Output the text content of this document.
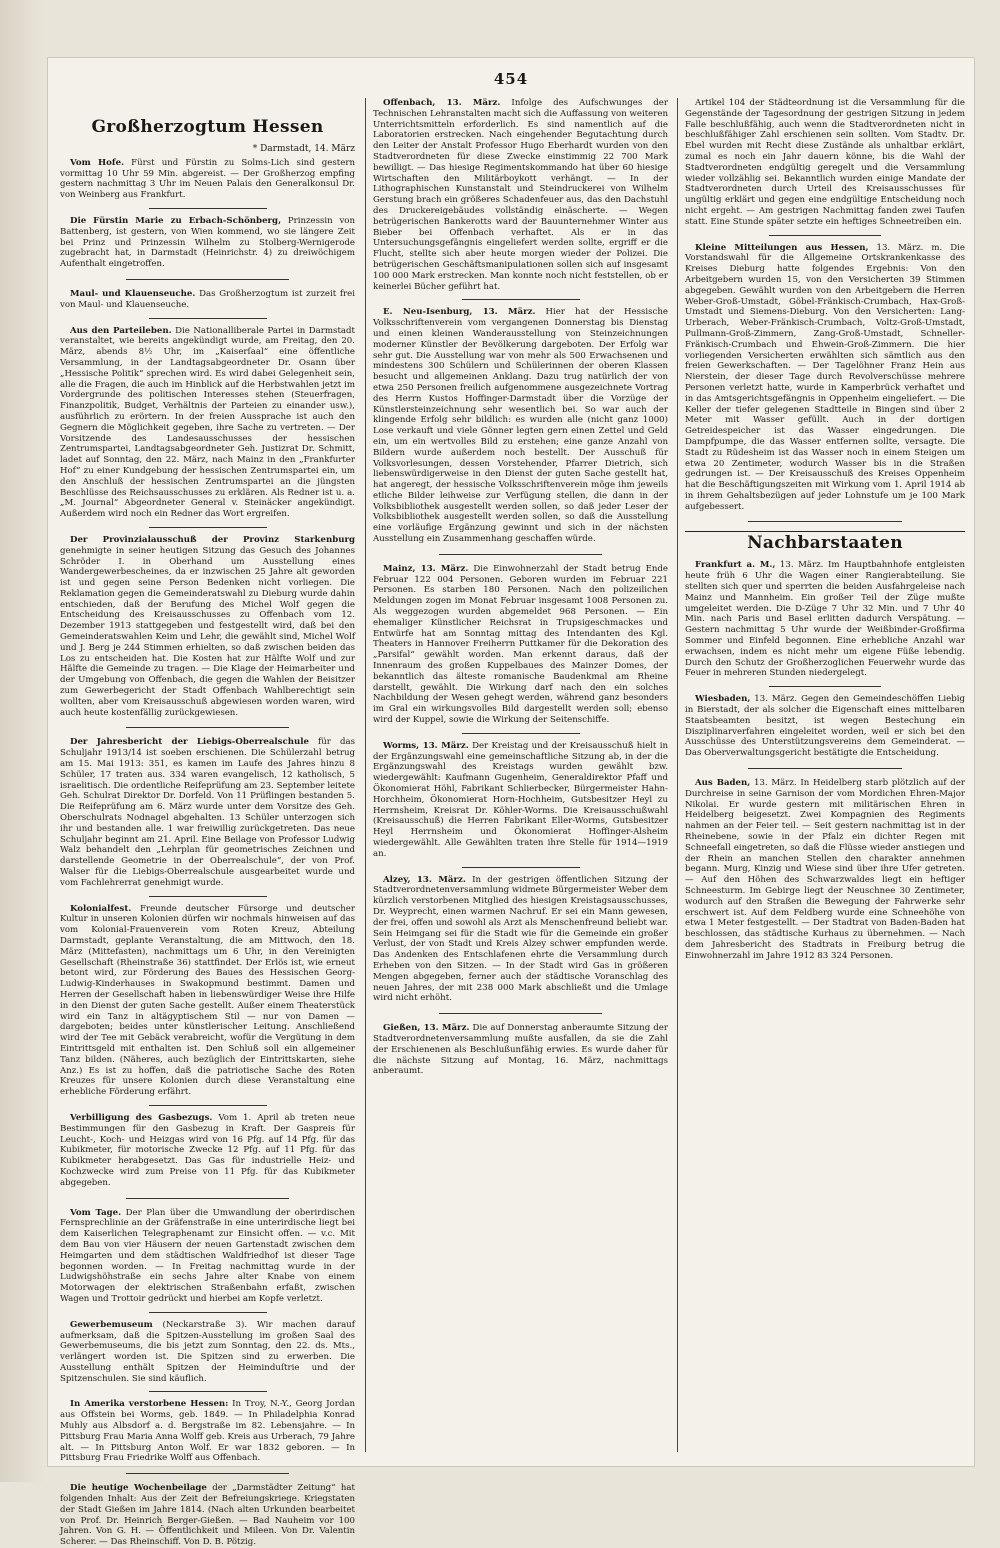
454
Großherzogtum Hessen
* Darmstadt, 14. März

Vom Hofe. Fürst und Fürstin zu Solms-Lich sind gestern vormittag 10 Uhr 59 Min. abgereist. — Der Großherzog empfing gestern nachmittag 3 Uhr im Neuen Palais den Generalkonsul Dr. von Weinberg aus Frankfurt.

Die Fürstin Marie zu Erbach-Schönberg, Prinzessin von Battenberg, ist gestern, von Wien kommend, wo sie längere Zeit bei Prinz und Prinzessin Wilhelm zu Stolberg-Wernigerode zugebracht hat, in Darmstadt (Heinrichstr. 4) zu dreiwöchigem Aufenthalt eingetroffen.

Maul- und Klauenseuche. Das Großherzogtum ist zurzeit frei von Maul- und Klauenseuche.

Aus den Parteileben. Die Nationalliberale Partei in Darmstadt veranstaltet, wie bereits angekündigt wurde, am Freitag, den 20. März, abends 8½ Uhr, im „Kaiserſaal“ eine öffentliche Versammlung, in der Landtagsabgeordneter Dr. Osann über „Hessische Politik“ sprechen wird. Es wird dabei Gelegenheit sein, alle die Fragen, die auch im Hinblick auf die Herbstwahlen jetzt im Vordergrunde des politischen Interesses stehen (Steuerfragen, Finanzpolitik, Budget, Verhältnis der Parteien zu einander usw.), ausführlich zu erörtern. In der freien Aussprache ist auch den Gegnern die Möglichkeit gegeben, ihre Sache zu vertreten. — Der Vorsitzende des Landesausschusses der hessischen Zentrumspartei, Landtagsabgeordneter Geh. Justizrat Dr. Schmitt, ladet auf Sonntag, den 22. März, nach Mainz in den „Frankfurter Hof“ zu einer Kundgebung der hessischen Zentrumspartei ein, um den Anschluß der hessischen Zentrumspartei an die jüngsten Beschlüsse des Reichsausschusses zu erklären. Als Redner ist u. a. „M. Journal“ Abgeordneter General v. Steinäcker angekündigt. Außerdem wird noch ein Redner das Wort ergreifen.

Der Provinzialausschuß der Provinz Starkenburg genehmigte in seiner heutigen Sitzung das Gesuch des Johannes Schröder I. in Oberhand um Ausstellung eines Wandergewerbescheines, da er inzwischen 25 Jahre alt geworden ist und gegen seine Person Bedenken nicht vorliegen. Die Reklamation gegen die Gemeinderatswahl zu Dieburg wurde dahin entschieden, daß der Berufung des Michel Wolf gegen die Entscheidung des Kreisausschusses zu Offenbach vom 12. Dezember 1913 stattgegeben und festgestellt wird, daß bei den Gemeinderatswahlen Keim und Lehr, die gewählt sind, Michel Wolf und J. Berg je 244 Stimmen erhielten, so daß zwischen beiden das Los zu entscheiden hat. Die Kosten hat zur Hälfte Wolf und zur Hälfte die Gemeinde zu tragen. — Die Klage der Heimarbeiter und der Umgebung von Offenbach, die gegen die Wahlen der Beisitzer zum Gewerbegericht der Stadt Offenbach Wahlberechtigt sein wollten, aber vom Kreisausschuß abgewiesen worden waren, wird auch heute kostenfällig zurückgewiesen.

Der Jahresbericht der Liebigs-Oberrealschule für das Schuljahr 1913/14 ist soeben erschienen. Die Schülerzahl betrug am 15. Mai 1913: 351, es kamen im Laufe des Jahres hinzu 8 Schüler, 17 traten aus. 334 waren evangelisch, 12 katholisch, 5 israelitisch. Die ordentliche Reifeprüfung am 23. September leitete Geh. Schulrat Direktor Dr. Dorfeld. Von 11 Prüflingen bestanden 5. Die Reifeprüfung am 6. März wurde unter dem Vorsitze des Geh. Oberschulrats Nodnagel abgehalten. 13 Schüler unterzogen sich ihr und bestanden alle. 1 war freiwillig zurückgetreten. Das neue Schuljahr beginnt am 21. April. Eine Beilage von Professor Ludwig Walz behandelt den „Lehrplan für geometrisches Zeichnen und darstellende Geometrie in der Oberrealschule“, der von Prof. Walser für die Liebigs-Oberrealschule ausgearbeitet wurde und vom Fachlehrerrat genehmigt wurde.

Kolonialfest. Freunde deutscher Fürsorge und deutscher Kultur in unseren Kolonien dürfen wir nochmals hinweisen auf das vom Kolonial-Frauenverein vom Roten Kreuz, Abteilung Darmstadt, geplante Veranstaltung, die am Mittwoch, den 18. März (Mittefasten), nachmittags um 6 Uhr, in den Vereinigten Gesellschaft (Rheinstraße 36) stattfindet. Der Erlös ist, wie erneut betont wird, zur Förderung des Baues des Hessischen Georg-Ludwig-Kinderhauses in Swakopmund bestimmt. Damen und Herren der Gesellschaft haben in liebenswürdiger Weise ihre Hilfe in den Dienst der guten Sache gestellt. Außer einem Theaterstück wird ein Tanz in altägyptischem Stil — nur von Damen — dargeboten; beides unter künstlerischer Leitung. Anschließend wird der Tee mit Gebäck verabreicht, wofür die Vergütung in dem Eintrittsgeld mit enthalten ist. Den Schluß soll ein allgemeiner Tanz bilden. (Näheres, auch bezüglich der Eintrittskarten, siehe Anz.) Es ist zu hoffen, daß die patriotische Sache des Roten Kreuzes für unsere Kolonien durch diese Veranstaltung eine erhebliche Förderung erfährt.

Verbilligung des Gasbezugs. Vom 1. April ab treten neue Bestimmungen für den Gasbezug in Kraft. Der Gaspreis für Leucht-, Koch- und Heizgas wird von 16 Pfg. auf 14 Pfg. für das Kubikmeter, für motorische Zwecke 12 Pfg. auf 11 Pfg. für das Kubikmeter herabgesetzt. Das Gas für industrielle Heiz- und Kochzwecke wird zum Preise von 11 Pfg. für das Kubikmeter abgegeben.

Vom Tage. Der Plan über die Umwandlung der oberirdischen Fernsprechlinie an der Gräfenstraße in eine unterirdische liegt bei dem Kaiserlichen Telegraphenamt zur Einsicht offen. — v.c. Mit dem Bau von vier Häusern der neuen Gartenstadt zwischen dem Heimgarten und dem städtischen Waldfriedhof ist dieser Tage begonnen worden. — In Freitag nachmittag wurde in der Ludwigshöhstraße ein sechs Jahre alter Knabe von einem Motorwagen der elektrischen Straßenbahn erfaßt, zwischen Wagen und Trottoir gedrückt und hierbei am Kopfe verletzt.

Gewerbemuseum (Neckarstraße 3). Wir machen darauf aufmerksam, daß die Spitzen-Ausstellung im großen Saal des Gewerbemuseums, die bis jetzt zum Sonntag, den 22. ds. Mts., verlängert worden ist. Die Spitzen sind zu erwerben. Die Ausstellung enthält Spitzen der Heiminduſtrie und der Spitzenschulen. Sie sind käuflich.

In Amerika verstorbene Hessen: In Troy, N.-Y., Georg Jordan aus Offstein bei Worms, geb. 1849. — In Philadelphia Konrad Muhly aus Albsdorf a. d. Bergstraße im 82. Lebensjahre. — In Pittsburg Frau Maria Anna Wolff geb. Kreis aus Urberach, 79 Jahre alt. — In Pittsburg Anton Wolf. Er war 1832 geboren. — In Pittsburg Frau Friedrike Wolff aus Offenbach.

Die heutige Wochenbeilage der „Darmstädter Zeitung“ hat folgenden Inhalt: Aus der Zeit der Befreiungskriege. Kriegstaten der Stadt Gießen im Jahre 1814. (Nach alten Urkunden bearbeitet von Prof. Dr. Heinrich Berger-Gießen. — Bad Nauheim vor 100 Jahren. Von G. H. — Öffentlichkeit und Mileen. Von Dr. Valentin Scherer. — Das Rheinschiff. Von D. B. Pötzig.

Offenbach, 13. März. Infolge des Aufschwunges der Technischen Lehranstalten macht sich die Auffassung von weiteren Unterrichtsmitteln erforderlich. Es sind namentlich auf die Laboratorien erstrecken. Nach eingehender Begutachtung durch den Leiter der Anstalt Professor Hugo Eberhardt wurden von den Stadtverordneten für diese Zwecke einstimmig 22 700 Mark bewilligt. — Das hiesige Regimentskommando hat über 60 hiesige Wirtschaften den Militärboykott verhängt. — In der Lithographischen Kunstanstalt und Steindruckerei von Wilhelm Gerstung brach ein größeres Schadenfeuer aus, das den Dachstuhl des Druckereigebäudes vollständig einäscherte. — Wegen betrügerischen Bankerotts ward der Bauunternehmer Winter aus Bieber bei Offenbach verhaftet. Als er in das Untersuchungsgefängnis eingeliefert werden sollte, ergriff er die Flucht, stellte sich aber heute morgen wieder der Polizei. Die betrügerischen Geschäftsmanipulationen sollen sich auf insgesamt 100 000 Mark erstrecken. Man konnte noch nicht feststellen, ob er keinerlei Bücher geführt hat.

E. Neu-Isenburg, 13. März. Hier hat der Hessische Volksschriftenverein vom vergangenen Donnerstag bis Dienstag und einen kleinen Wanderausstellung von Steinzeichnungen moderner Künstler der Bevölkerung dargeboten. Der Erfolg war sehr gut. Die Ausstellung war von mehr als 500 Erwachsenen und mindestens 300 Schülern und Schülerinnen der oberen Klassen besucht und allgemeinen Anklang. Dazu trug natürlich der von etwa 250 Personen freilich aufgenommene ausgezeichnete Vortrag des Herrn Kustos Hoffinger-Darmstadt über die Vorzüge der Künstlersteinzeichnung sehr wesentlich bei. So war auch der klingende Erfolg sehr bildlich: es wurden alle (nicht ganz 1000) Lose verkauft und viele Gönner legten gern einen Zettel und Geld ein, um ein wertvolles Bild zu erstehen; eine ganze Anzahl von Bildern wurde außerdem noch bestellt. Der Ausschuß für Volksvorlesungen, dessen Vorstehender, Pfarrer Dietrich, sich liebenswürdigerweise in den Dienst der guten Sache gestellt hat, hat angeregt, der hessische Volksschriftenverein möge ihm jeweils etliche Bilder leihweise zur Verfügung stellen, die dann in der Volksbibliothek ausgestellt werden sollen, so daß jeder Leser der Volksbibliothek ausgestellt werden sollen, so daß die Ausstellung eine vorläufige Ergänzung gewinnt und sich in der nächsten Ausstellung ein Zusammenhang geschaffen würde.

Mainz, 13. März. Die Einwohnerzahl der Stadt betrug Ende Februar 122 004 Personen. Geboren wurden im Februar 221 Personen. Es starben 180 Personen. Nach den polizeilichen Meldungen zogen im Monat Februar insgesamt 1008 Personen zu. Als weggezogen wurden abgemeldet 968 Personen. — Ein ehemaliger Künstlicher Reichsrat in Trupsigeschmackes und Entwürfe hat am Sonntag mittag des Intendanten des Kgl. Theaters in Hannover Freiherrn Puttkamer für die Dekoration des „Parsifal“ gewählt worden. Man erkennt daraus, daß der Innenraum des großen Kuppelbaues des Mainzer Domes, der bekanntlich das älteste romanische Baudenkmal am Rheine darstellt, gewählt. Die Wirkung darf nach den ein solches Nachbildung der Wesen gehegt werden, während ganz besonders im Gral ein wirkungsvolles Bild dargestellt werden soll; ebenso wird der Kuppel, sowie die Wirkung der Seitenschiffe.

Worms, 13. März. Der Kreistag und der Kreisausschuß hielt in der Ergänzungswahl eine gemeinschaftliche Sitzung ab, in der die Ergänzungswahl des Kreistags wurden gewählt bzw. wiedergewählt: Kaufmann Gugenheim, Generaldirektor Pfaff und Ökonomierat Höhl, Fabrikant Schlierbecker, Bürgermeister Hahn-Horchheim, Ökonomierat Horn-Hochheim, Gutsbesitzer Heyl zu Herrnsheim, Kreisrat Dr. Köhler-Worms. Die Kreisausschußwahl (Kreisausschuß) die Herren Fabrikant Eller-Worms, Gutsbesitzer Heyl Herrnsheim und Ökonomierat Hoffinger-Alsheim wiedergewählt. Alle Gewählten traten ihre Stelle für 1914—1919 an.

Alzey, 13. März. In der gestrigen öffentlichen Sitzung der Stadtverordnetenversammlung widmete Bürgermeister Weber dem kürzlich verstorbenen Mitglied des hiesigen Kreistagsausschusses, Dr. Weyprecht, einen warmen Nachruf. Er sei ein Mann gewesen, der frei, offen und sowohl als Arzt als Menschenfreund beliebt war. Sein Heimgang sei für die Stadt wie für die Gemeinde ein großer Verlust, der von Stadt und Kreis Alzey schwer empfunden werde. Das Andenken des Entschlafenen ehrte die Versammlung durch Erheben von den Sitzen. — In der Stadt wird Gas in größeren Mengen abgegeben, ferner auch der städtische Voranschlag des neuen Jahres, der mit 238 000 Mark abschließt und die Umlage wird nicht erhöht.

Gießen, 13. März. Die auf Donnerstag anberaumte Sitzung der Stadtverordnetenversammlung mußte ausfallen, da sie die Zahl der Erschienenen als Beschlußunfähig erwies. Es wurde daher für die nächste Sitzung auf Montag, 16. März, nachmittags anberaumt.

Artikel 104 der Städteordnung ist die Versammlung für die Gegenstände der Tagesordnung der gestrigen Sitzung in jedem Falle beschlußfähig, auch wenn die Stadtverordneten nicht in beschlußfähiger Zahl erschienen sein sollten. Vom Stadtv. Dr. Ebel wurden mit Recht diese Zustände als unhaltbar erklärt, zumal es noch ein Jahr dauern könne, bis die Wahl der Stadtverordneten endgültig geregelt und die Versammlung wieder vollzählig sei. Bekanntlich wurden einige Mandate der Stadtverordneten durch Urteil des Kreisausschusses für ungültig erklärt und gegen eine endgültige Entscheidung noch nicht ergeht. — Am gestrigen Nachmittag fanden zwei Taufen statt. Eine Stunde später setzte ein heftiges Schneetreiben ein.

Kleine Mitteilungen aus Hessen, 13. März. m. Die Vorstandswahl für die Allgemeine Ortskrankenkasse des Kreises Dieburg hatte folgendes Ergebnis: Von den Arbeitgebern wurden 15, von den Versicherten 39 Stimmen abgegeben. Gewählt wurden von den Arbeitgebern die Herren Weber-Groß-Umstadt, Göbel-Fränkisch-Crumbach, Hax-Groß-Umstadt und Siemens-Dieburg. Von den Versicherten: Lang-Urberach, Weber-Fränkisch-Crumbach, Voltz-Groß-Umstadt, Pullmann-Groß-Zimmern, Zang-Groß-Umstadt, Schneller-Fränkisch-Crumbach und Ehwein-Groß-Zimmern. Die hier vorliegenden Versicherten erwählten sich sämtlich aus den freien Gewerkschaften. — Der Tagelöhner Franz Hein aus Nierstein, der dieser Tage durch Revolverschüsse mehrere Personen verletzt hatte, wurde in Kamperbrück verhaftet und in das Amtsgerichtsgefängnis in Oppenheim eingeliefert. — Die Keller der tiefer gelegenen Stadtteile in Bingen sind über 2 Meter mit Wasser gefüllt. Auch in der dortigen Getreidespeicher ist das Wasser eingedrungen. Die Dampfpumpe, die das Wasser entfernen sollte, versagte. Die Stadt zu Rüdesheim ist das Wasser noch in einem Steigen um etwa 20 Zentimeter, wodurch Wasser bis in die Straßen gedrungen ist. — Der Kreisausschuß des Kreises Oppenheim hat die Beschäftigungszeiten mit Wirkung vom 1. April 1914 ab in ihrem Gehaltsbezügen auf jeder Lohnstufe um je 100 Mark aufgebessert.

Nachbarstaaten

Frankfurt a. M., 13. März. Im Hauptbahnhofe entgleisten heute früh 6 Uhr die Wagen einer Rangierabteilung. Sie stellten sich quer und sperrten die beiden Ausfahrgeleise nach Mainz und Mannheim. Ein großer Teil der Züge mußte umgeleitet werden. Die D-Züge 7 Uhr 32 Min. und 7 Uhr 40 Min. nach Paris und Basel erlitten dadurch Verspätung. — Gestern nachmittag 5 Uhr wurde der Weißbinder-Großfirma Sommer und Einfeld begonnen. Eine erhebliche Anzahl war erwachsen, indem es nicht mehr um eigene Füße lebendig. Durch den Schutz der Großherzoglichen Feuerwehr wurde das Feuer in mehreren Stunden niedergelegt.

Wiesbaden, 13. März. Gegen den Gemeindeschöffen Liebig in Bierstadt, der als solcher die Eigenschaft eines mittelbaren Staatsbeamten besitzt, ist wegen Bestechung ein Disziplinarverfahren eingeleitet worden, weil er sich bei den Ausschüsse des Unterstützungsvereins dem Gemeinderat. — Das Oberverwaltungsgericht bestätigte die Entscheidung.

Aus Baden, 13. März. In Heidelberg starb plötzlich auf der Durchreise in seine Garnison der vom Mordichen Ehren-Major Nikolai. Er wurde gestern mit militärischen Ehren in Heidelberg beigesetzt. Zwei Kompagnien des Regiments nahmen an der Feier teil. — Seit gestern nachmittag ist in der Rheinebene, sowie in der Pfalz ein dichter Regen mit Schneefall eingetreten, so daß die Flüsse wieder anstiegen und der Rhein an manchen Stellen den charakter annehmen begann. Murg, Kinzig und Wiese sind über ihre Ufer getreten. — Auf den Höhen des Schwarzwaldes liegt ein heftiger Schneesturm. Im Gebirge liegt der Neuschnee 30 Zentimeter, wodurch auf den Straßen die Bewegung der Fahrwerke sehr erschwert ist. Auf dem Feldberg wurde eine Schneehöhe von etwa 1 Meter festgestellt. — Der Stadtrat von Baden-Baden hat beschlossen, das städtische Kurhaus zu übernehmen. — Nach dem Jahresbericht des Stadtrats in Freiburg betrug die Einwohnerzahl im Jahre 1912 83 324 Personen.
